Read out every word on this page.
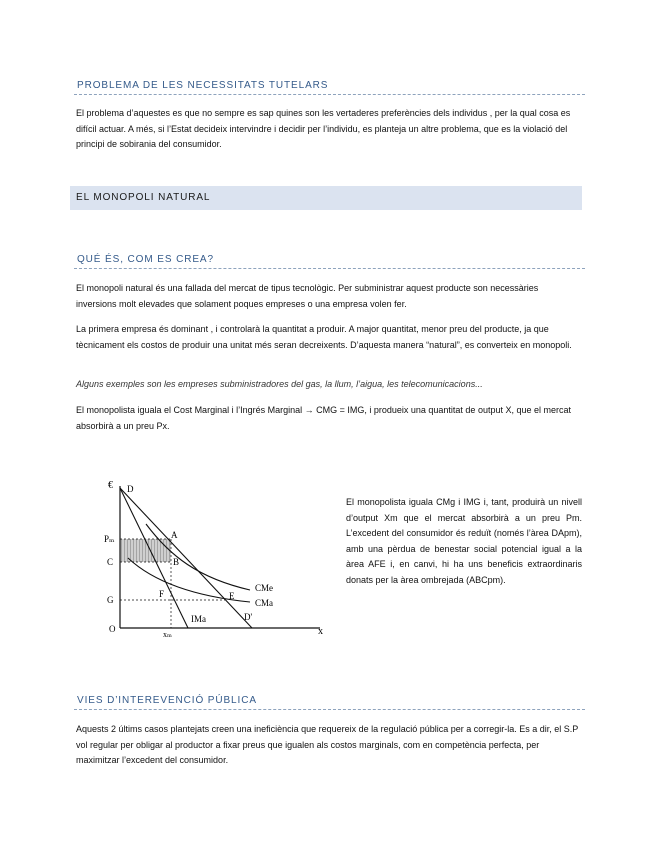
PROBLEMA DE LES NECESSITATS TUTELARS
El problema d’aquestes es que no sempre es sap quines son les vertaderes preferències dels individus , per la qual cosa es difícil actuar. A més, si l’Estat decideix intervindre i decidir per l’individu, es planteja un altre problema, que es la violació del principi de sobirania del consumidor.
EL MONOPOLI NATURAL
QUÉ ÉS, COM ES CREA?
El monopoli natural és una fallada del mercat de tipus tecnològic. Per subministrar aquest producte son necessàries inversions molt elevades que solament poques empreses o una empresa volen fer.
La primera empresa és dominant , i controlarà la quantitat a produir. A major quantitat, menor preu del producte, ja que tècnicament els costos de produir una unitat més seran decreixents. D’aquesta manera “natural”, es converteix en monopoli.
Alguns exemples son les empreses subministradores del gas, la llum, l’aigua, les telecomunicacions...
El monopolista iguala el Cost Marginal i l’Ingrés Marginal → CMG = IMG, i produeix una quantitat de output X, que el mercat absorbirà a un preu Px.
€
x
O
D
Pₘ
C
G
A
B
F	E
CMe
CMa
IMa	D'
xₘ
El monopolista iguala CMg i IMG i, tant, produirà un nivell d’output Xm que el mercat absorbirà a un preu Pm. L’excedent del consumidor és reduït (només l’àrea DApm), amb una pèrdua de benestar social potencial igual a la àrea AFE i, en canvi, hi ha uns beneficis extraordinaris donats per la àrea ombrejada (ABCpm).
VIES D’INTEREVENCIÓ PÚBLICA
Aquests 2 últims casos plantejats creen una ineficiència que requereix de la regulació pública per a corregir-la. Es a dir, el S.P vol regular per obligar al productor a fixar preus que igualen als costos marginals, com en competència perfecta, per maximitzar l’excedent del consumidor.
